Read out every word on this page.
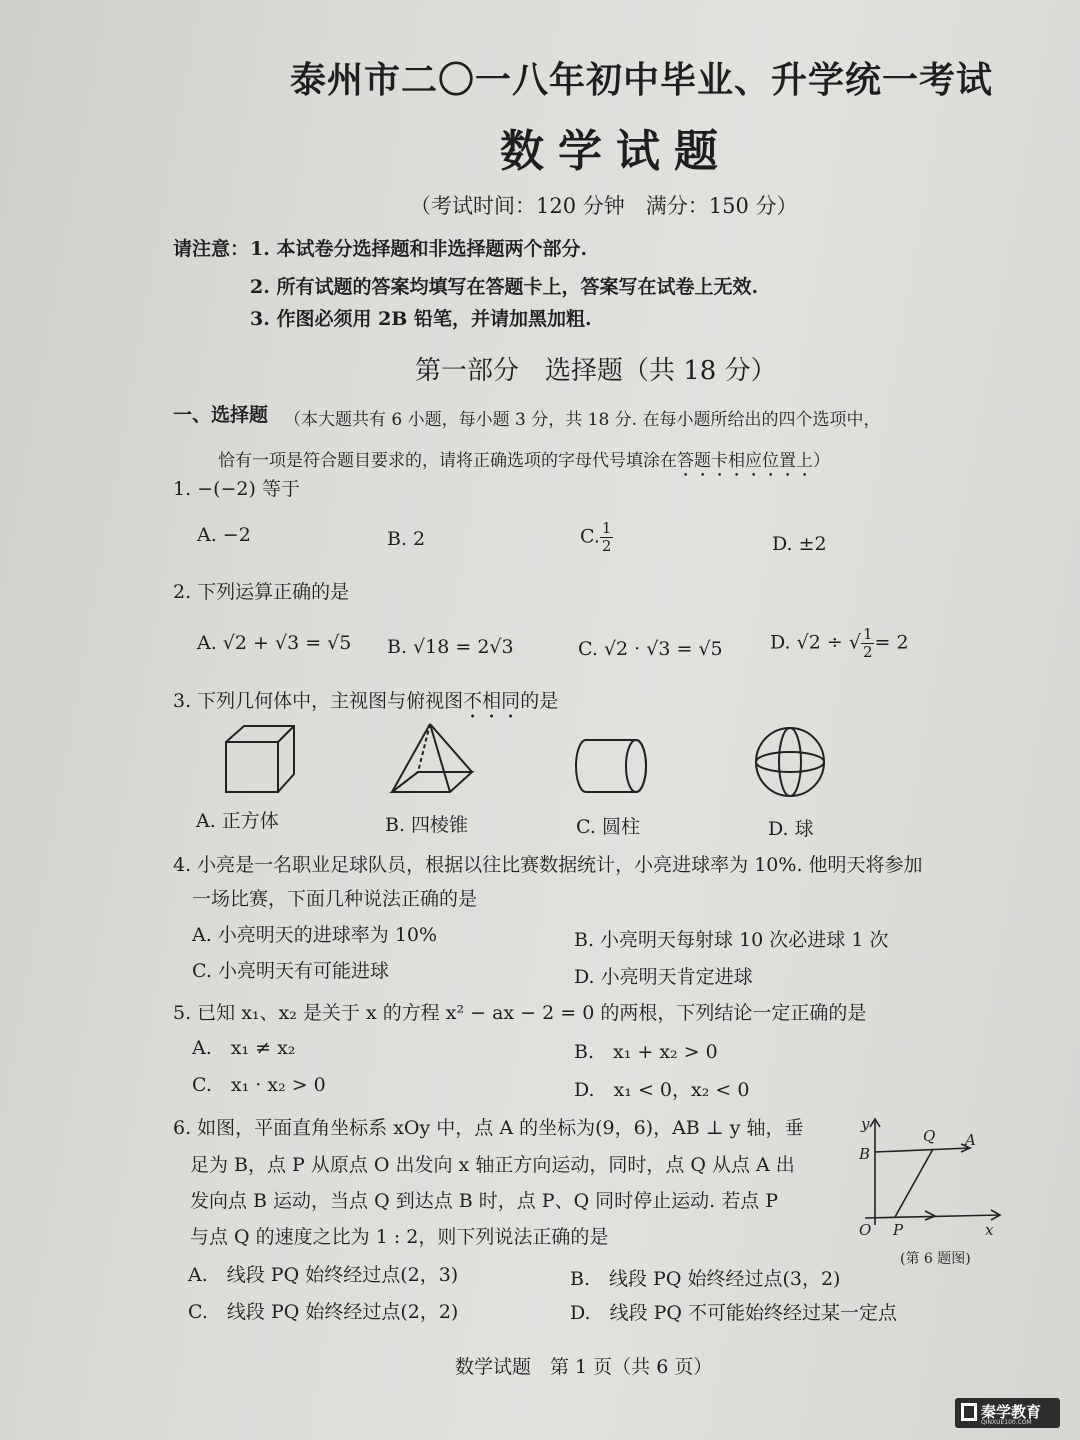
泰州市二〇一八年初中毕业、升学统一考试
数学试题
（考试时间：120 分钟　满分：150 分）
请注意： 1. 本试卷分选择题和非选择题两个部分.
2. 所有试题的答案均填写在答题卡上，答案写在试卷上无效.
3. 作图必须用 2B 铅笔，并请加黑加粗.
第一部分　选择题（共 18 分）
一、选择题 （本大题共有 6 小题，每小题 3 分，共 18 分. 在每小题所给出的四个选项中，
恰有一项是符合题目要求的，请将正确选项的字母代号填涂在答题卡相应位置上）
1. −(−2) 等于
A. −2	B. 2	C. $\frac{1}{2}$	D. ±2
2. 下列运算正确的是
A. √2 + √3 = √5 B. √18 = 2√3	C. √2 · √3 = √5 D. √2 ÷ √ $\frac{1}{2} = 2$
3. 下列几何体中，主视图与俯视图不相同的是
A. 正方体	B. 四棱锥	C. 圆柱	D. 球
4. 小亮是一名职业足球队员，根据以往比赛数据统计，小亮进球率为 10%. 他明天将参加
一场比赛，下面几种说法正确的是
A. 小亮明天的进球率为 10%	B. 小亮明天每射球 10 次必进球 1 次
C. 小亮明天有可能进球	D. 小亮明天肯定进球
5. 已知 x₁、x₂ 是关于 x 的方程 x² − ax − 2 = 0 的两根，下列结论一定正确的是
A.　x₁ ≠ x₂	B.　x₁ + x₂ > 0
C.　x₁ · x₂ > 0	D.　x₁ < 0，x₂ < 0
6. 如图，平面直角坐标系 xOy 中，点 A 的坐标为(9，6)，AB ⊥ y 轴，垂
足为 B，点 P 从原点 O 出发向 x 轴正方向运动，同时，点 Q 从点 A 出
发向点 B 运动，当点 Q 到达点 B 时，点 P、Q 同时停止运动. 若点 P
与点 Q 的速度之比为 1 : 2，则下列说法正确的是
A.　线段 PQ 始终经过点(2，3)	B.　线段 PQ 始终经过点(3，2)
C.　线段 PQ 始终经过点(2，2)	D.　线段 PQ 不可能始终经过某一定点
y
B
Q A
O P	x
(第 6 题图)
数学试题　第 1 页（共 6 页）
秦学教育
QINXUE100.COM
